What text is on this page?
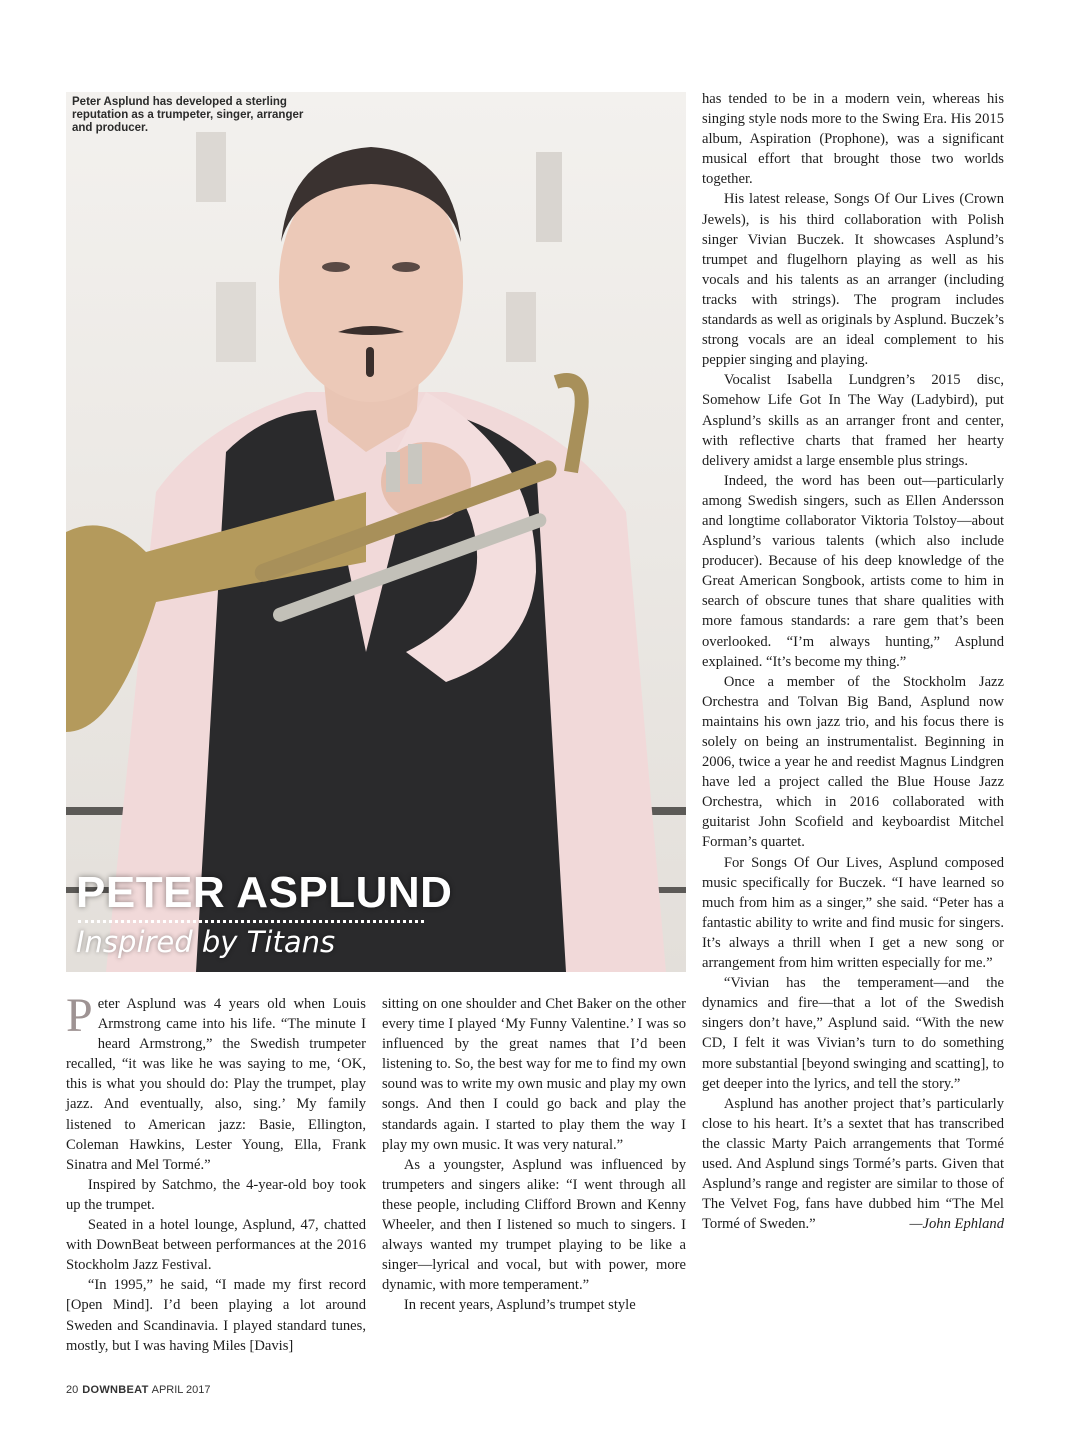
Peter Asplund has developed a sterling reputation as a trumpeter, singer, arranger and producer.
PETER ASPLUND
Inspired by Titans

Peter Asplund was 4 years old when Louis Armstrong came into his life. “The minute I heard Armstrong,” the Swedish trumpeter recalled, “it was like he was saying to me, ‘OK, this is what you should do: Play the trumpet, play jazz. And eventually, also, sing.’ My family listened to American jazz: Basie, Ellington, Coleman Hawkins, Lester Young, Ella, Frank Sinatra and Mel Tormé.”

Inspired by Satchmo, the 4-year-old boy took up the trumpet.

Seated in a hotel lounge, Asplund, 47, chatted with DownBeat between performances at the 2016 Stockholm Jazz Festival.

“In 1995,” he said, “I made my first record [Open Mind]. I’d been playing a lot around Sweden and Scandinavia. I played standard tunes, mostly, but I was having Miles [Davis]

sitting on one shoulder and Chet Baker on the other every time I played ‘My Funny Valentine.’ I was so influenced by the great names that I’d been listening to. So, the best way for me to find my own sound was to write my own music and play my own songs. And then I could go back and play the standards again. I started to play them the way I play my own music. It was very natural.”

As a youngster, Asplund was influenced by trumpeters and singers alike: “I went through all these people, including Clifford Brown and Kenny Wheeler, and then I listened so much to singers. I always wanted my trumpet playing to be like a singer—lyrical and vocal, but with power, more dynamic, with more temperament.”

In recent years, Asplund’s trumpet style

has tended to be in a modern vein, whereas his singing style nods more to the Swing Era. His 2015 album, Aspiration (Prophone), was a significant musical effort that brought those two worlds together.

His latest release, Songs Of Our Lives (Crown Jewels), is his third collaboration with Polish singer Vivian Buczek. It showcases Asplund’s trumpet and flugelhorn playing as well as his vocals and his talents as an arranger (including tracks with strings). The program includes standards as well as originals by Asplund. Buczek’s strong vocals are an ideal complement to his peppier singing and playing.

Vocalist Isabella Lundgren’s 2015 disc, Somehow Life Got In The Way (Ladybird), put Asplund’s skills as an arranger front and center, with reflective charts that framed her hearty delivery amidst a large ensemble plus strings.

Indeed, the word has been out—particularly among Swedish singers, such as Ellen Andersson and longtime collaborator Viktoria Tolstoy—about Asplund’s various talents (which also include producer). Because of his deep knowledge of the Great American Songbook, artists come to him in search of obscure tunes that share qualities with more famous standards: a rare gem that’s been overlooked. “I’m always hunting,” Asplund explained. “It’s become my thing.”

Once a member of the Stockholm Jazz Orchestra and Tolvan Big Band, Asplund now maintains his own jazz trio, and his focus there is solely on being an instrumentalist. Beginning in 2006, twice a year he and reedist Magnus Lindgren have led a project called the Blue House Jazz Orchestra, which in 2016 collaborated with guitarist John Scofield and keyboardist Mitchel Forman’s quartet.

For Songs Of Our Lives, Asplund composed music specifically for Buczek. “I have learned so much from him as a singer,” she said. “Peter has a fantastic ability to write and find music for singers. It’s always a thrill when I get a new song or arrangement from him written especially for me.”

“Vivian has the temperament—and the dynamics and fire—that a lot of the Swedish singers don’t have,” Asplund said. “With the new CD, I felt it was Vivian’s turn to do something more substantial [beyond swinging and scatting], to get deeper into the lyrics, and tell the story.”

Asplund has another project that’s particularly close to his heart. It’s a sextet that has transcribed the classic Marty Paich arrangements that Tormé used. And Asplund sings Tormé’s parts. Given that Asplund’s range and register are similar to those of The Velvet Fog, fans have dubbed him “The Mel Tormé of Sweden.”	—John Ephland

20 DOWNBEAT APRIL 2017
